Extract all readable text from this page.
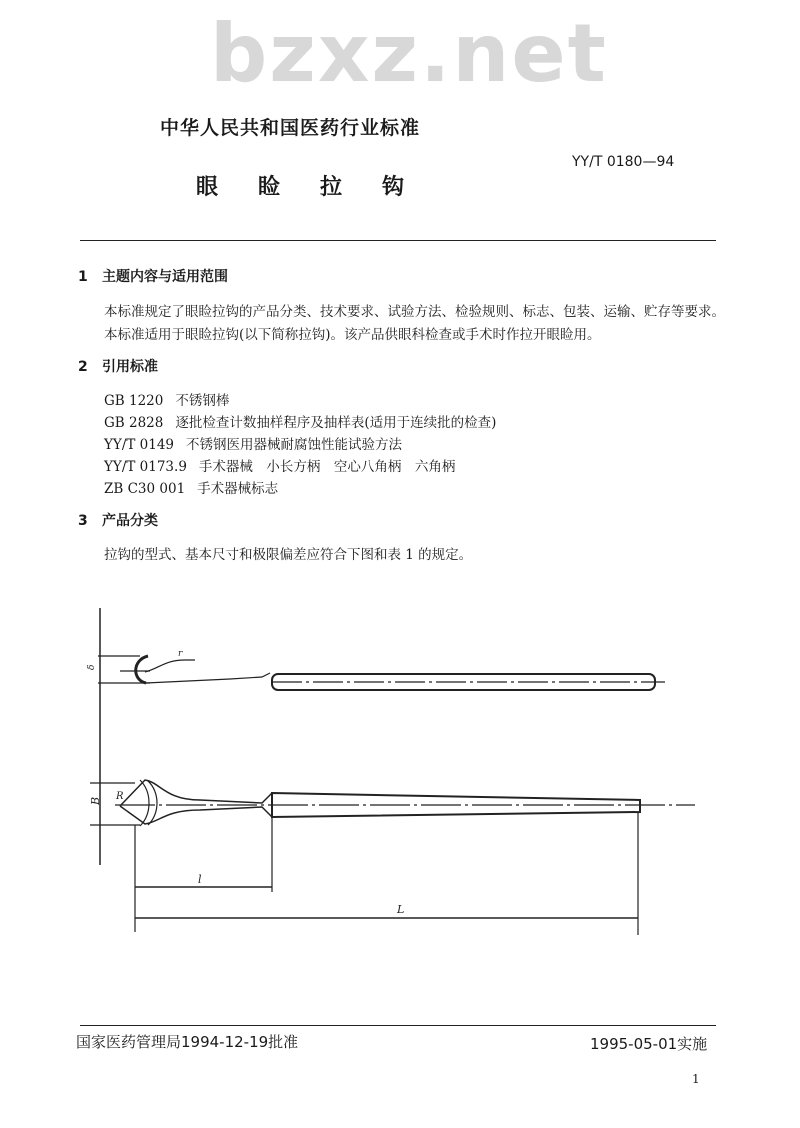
bzxz.net
中华人民共和国医药行业标准
YY/T 0180—94
眼 睑 拉 钩
1 主题内容与适用范围
本标准规定了眼睑拉钩的产品分类、技术要求、试验方法、检验规则、标志、包装、运输、贮存等要求。
本标准适用于眼睑拉钩(以下简称拉钩)。该产品供眼科检查或手术时作拉开眼睑用。
2 引用标准
GB 1220 不锈钢棒
GB 2828 逐批检查计数抽样程序及抽样表(适用于连续批的检查)
YY/T 0149 不锈钢医用器械耐腐蚀性能试验方法
YY/T 0173.9 手术器械　小长方柄　空心八角柄　六角柄
ZB C30 001 手术器械标志
3 产品分类
拉钩的型式、基本尺寸和极限偏差应符合下图和表 1 的规定。
δ
r
B R
l
L
国家医药管理局1994-12-19批准	1995-05-01实施
1
